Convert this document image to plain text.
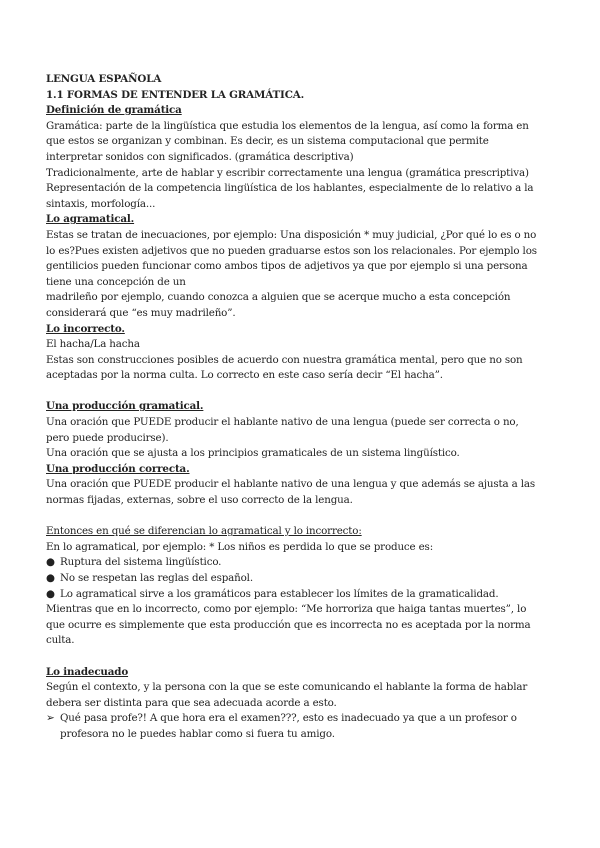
LENGUA ESPAÑOLA

1.1 FORMAS DE ENTENDER LA GRAMÁTICA.

Definición de gramática

Gramática: parte de la lingüística que estudia los elementos de la lengua, así como la forma en que estos se organizan y combinan. Es decir, es un sistema computacional que permite interpretar sonidos con significados. (gramática descriptiva)

Tradicionalmente, arte de hablar y escribir correctamente una lengua (gramática prescriptiva)

Representación de la competencia lingüística de los hablantes, especialmente de lo relativo a la sintaxis, morfología...

Lo agramatical.

Estas se tratan de inecuaciones, por ejemplo: Una disposición * muy judicial, ¿Por qué lo es o no lo es?Pues existen adjetivos que no pueden graduarse estos son los relacionales. Por ejemplo los gentilicios pueden funcionar como ambos tipos de adjetivos ya que por ejemplo si una persona tiene una concepción de un

madrileño por ejemplo, cuando conozca a alguien que se acerque mucho a esta concepción considerará que “es muy madrileño”.

Lo incorrecto.

El hacha/La hacha

Estas son construcciones posibles de acuerdo con nuestra gramática mental, pero que no son aceptadas por la norma culta. Lo correcto en este caso sería decir “El hacha”.

Una producción gramatical.

Una oración que PUEDE producir el hablante nativo de una lengua (puede ser correcta o no, pero puede producirse).

Una oración que se ajusta a los principios gramaticales de un sistema lingüístico.

Una producción correcta.

Una oración que PUEDE producir el hablante nativo de una lengua y que además se ajusta a las normas fijadas, externas, sobre el uso correcto de la lengua.

Entonces en qué se diferencian lo agramatical y lo incorrecto:

En lo agramatical, por ejemplo: * Los niños es perdida lo que se produce es:

● Ruptura del sistema lingüístico.
● No se respetan las reglas del español.
● Lo agramatical sirve a los gramáticos para establecer los límites de la gramaticalidad.

Mientras que en lo incorrecto, como por ejemplo: “Me horroriza que haiga tantas muertes”, lo que ocurre es simplemente que esta producción que es incorrecta no es aceptada por la norma culta.

Lo inadecuado

Según el contexto, y la persona con la que se este comunicando el hablante la forma de hablar debera ser distinta para que sea adecuada acorde a esto.

➢ Qué pasa profe?! A que hora era el examen???, esto es inadecuado ya que a un profesor o profesora no le puedes hablar como si fuera tu amigo.
